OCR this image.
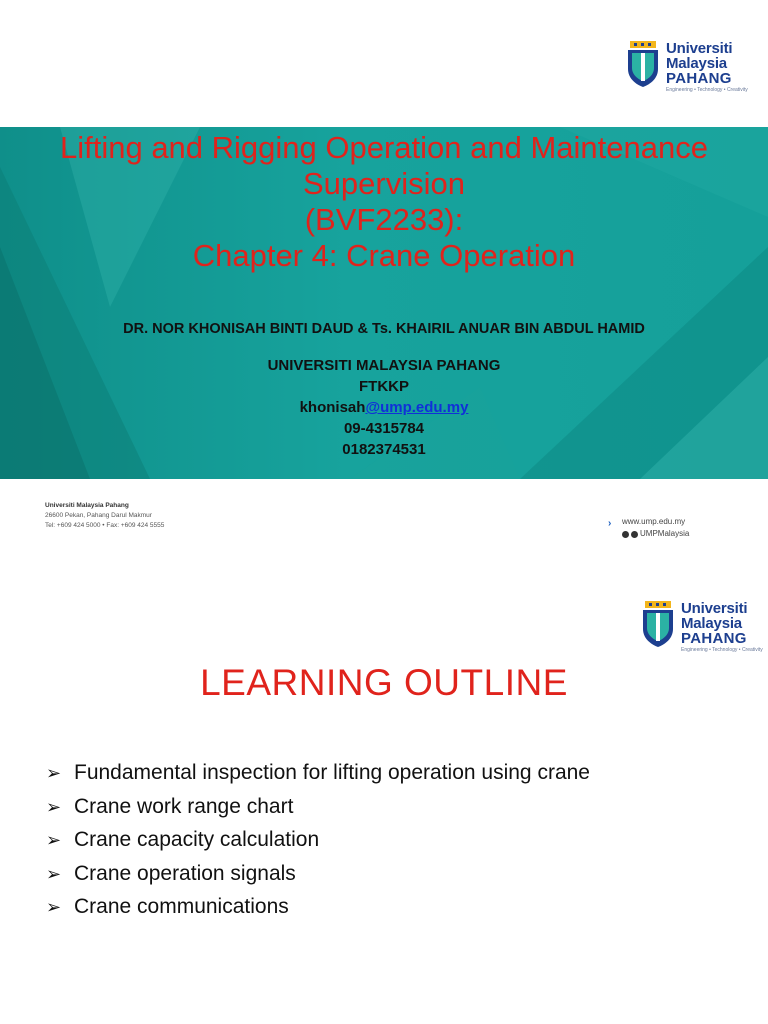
Universiti
Malaysia
PAHANG
Engineering • Technology • Creativity
Lifting and Rigging Operation and Maintenance
Supervision
(BVF2233):
Chapter 4: Crane Operation
DR. NOR KHONISAH BINTI DAUD & Ts. KHAIRIL ANUAR BIN ABDUL HAMID
UNIVERSITI MALAYSIA PAHANG
FTKKP
khonisah@ump.edu.my
09-4315784
0182374531
Universiti Malaysia Pahang
26600 Pekan, Pahang Darul Makmur
Tel: +609 424 5000 • Fax: +609 424 5555	› www.ump.edu.my
UMPMalaysia
Universiti
Malaysia
PAHANG
Engineering • Technology • Creativity
LEARNING OUTLINE
➢ Fundamental inspection for lifting operation using crane
➢ Crane work range chart
➢ Crane capacity calculation
➢ Crane operation signals
➢ Crane communications
